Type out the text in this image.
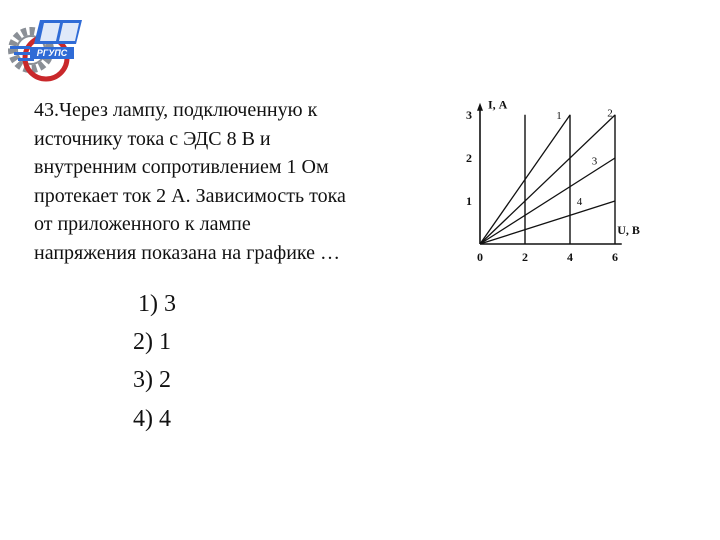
РГУПС

43.Через лампу, подключенную к
источнику тока с ЭДС 8 В и
внутренним сопротивлением 1 Ом
протекает ток 2 А. Зависимость тока
от приложенного к лампе
напряжения показана на графике …

1) 3
2) 1
3) 2
4) 4
1	2
3
4
0	2	4	6
1
2
3
I, А
U, В
